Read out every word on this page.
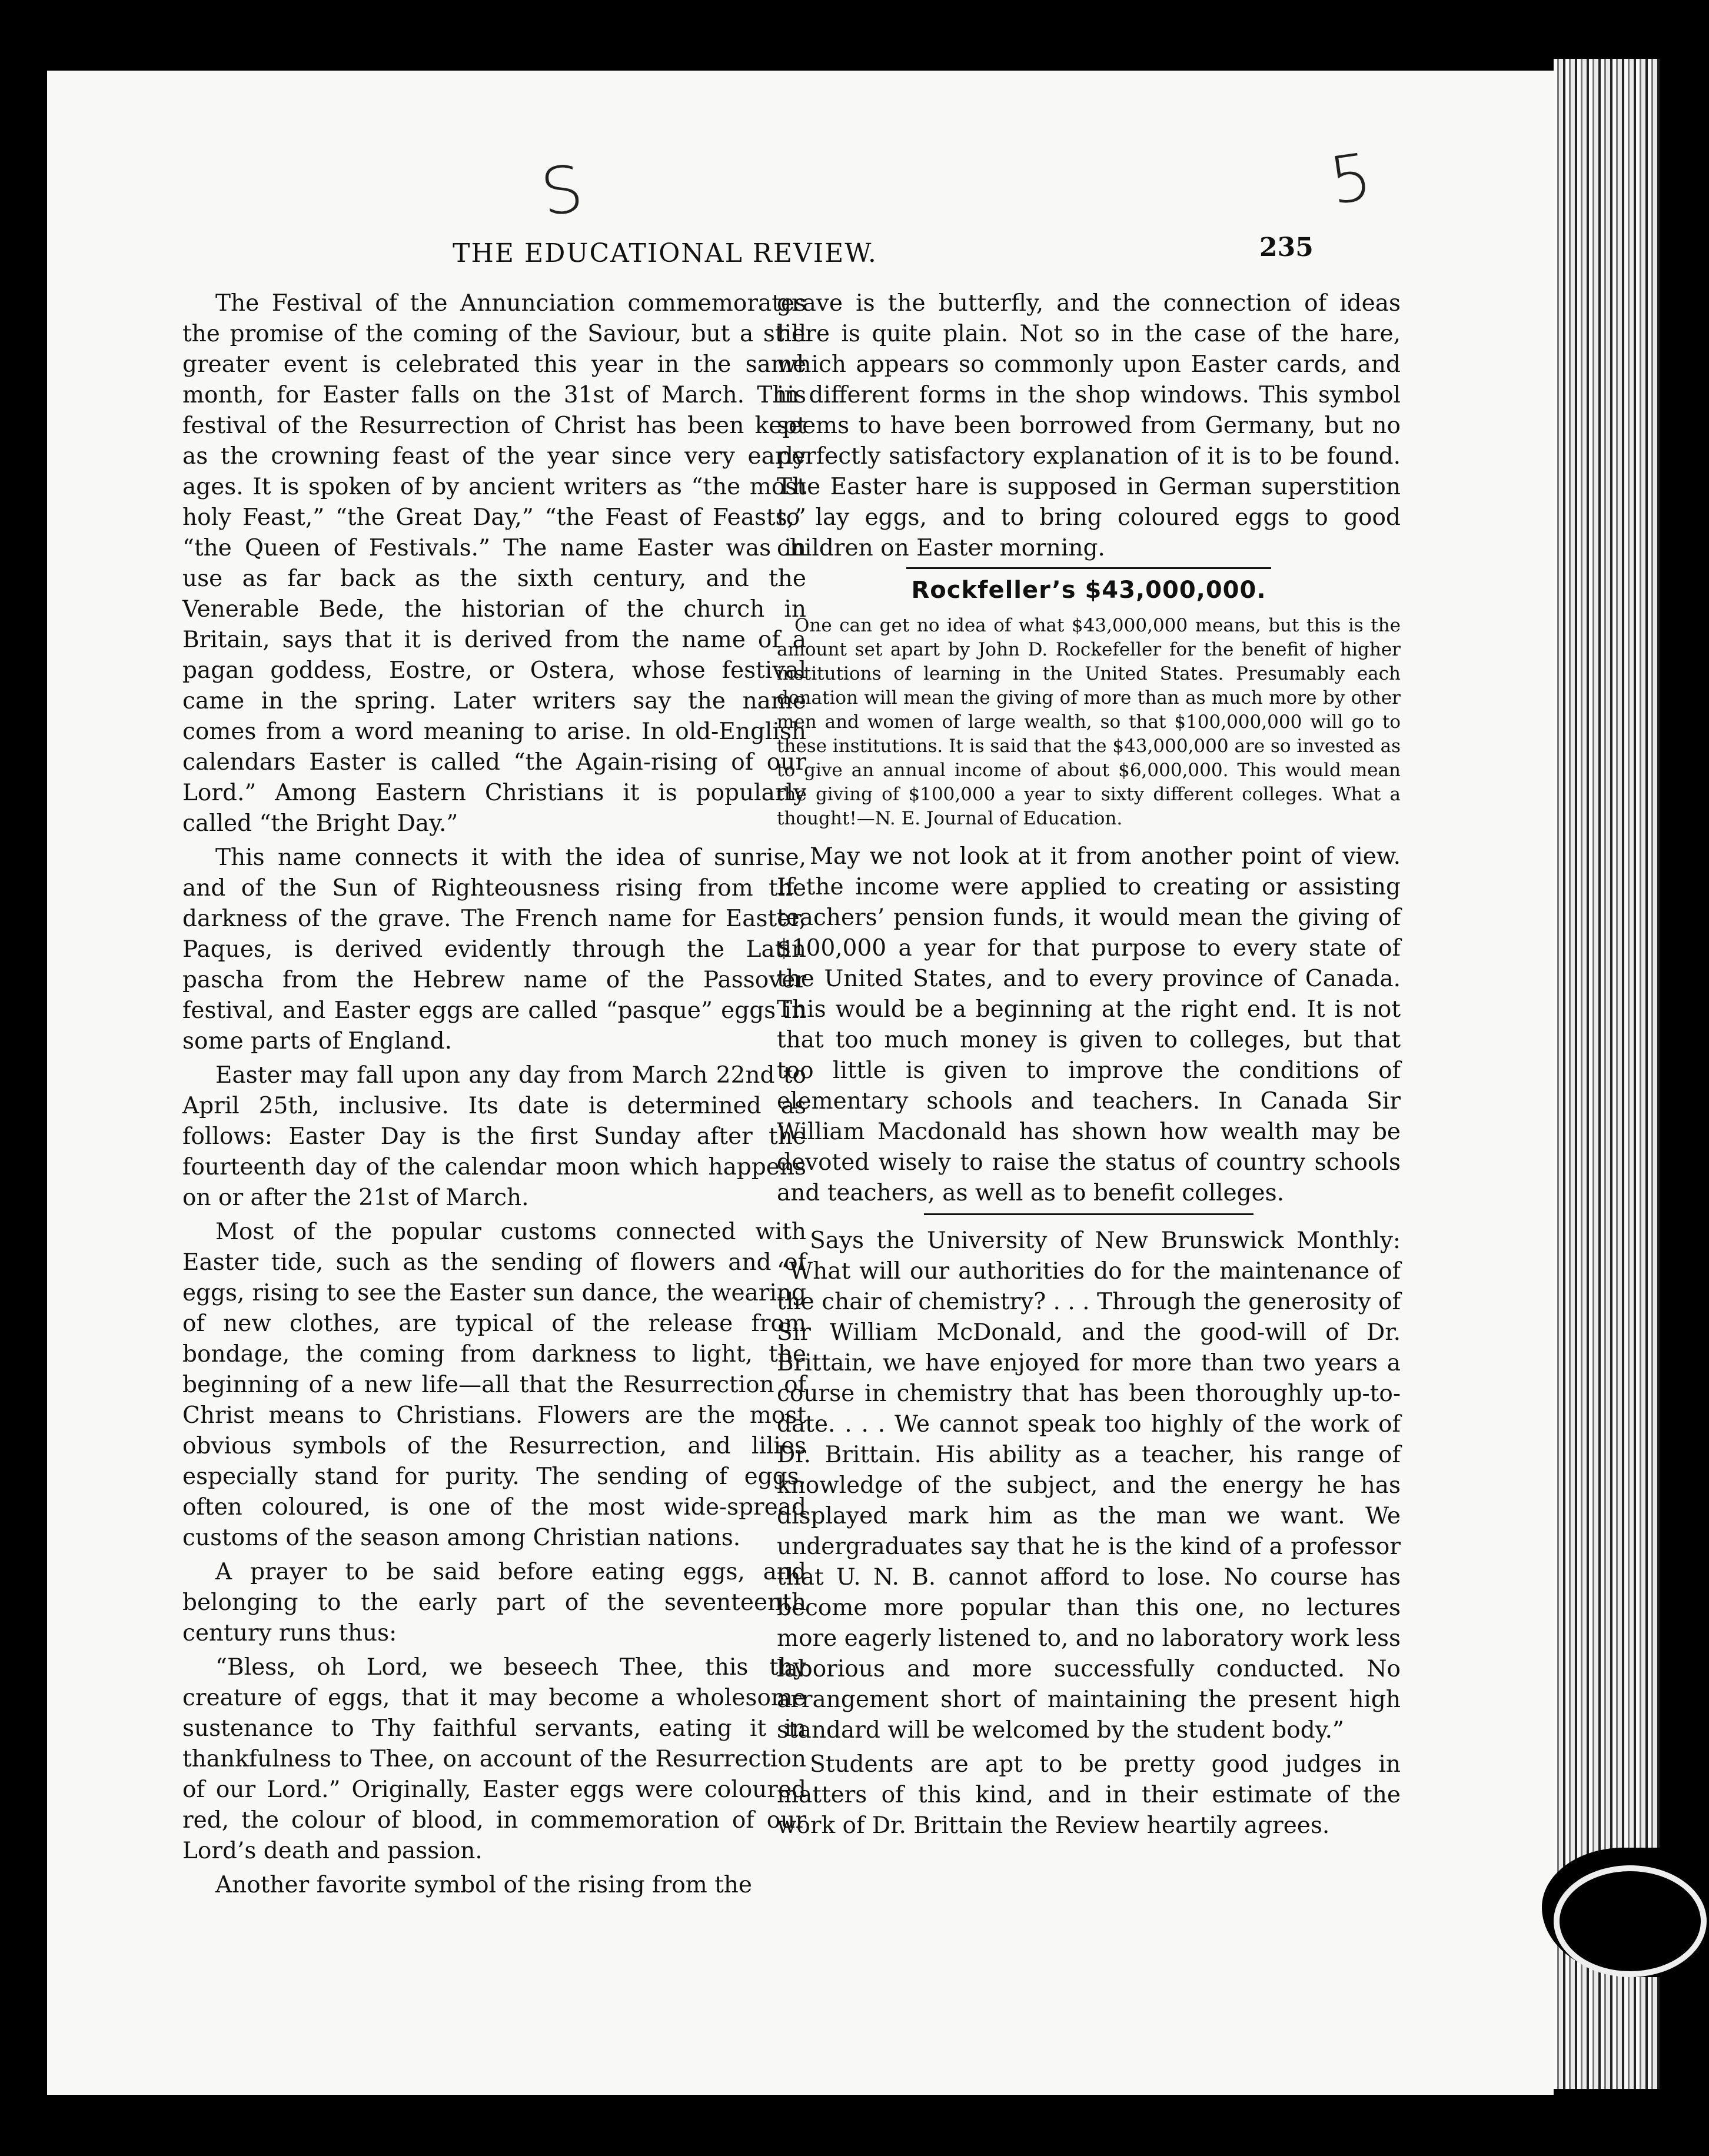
S	5
THE EDUCATIONAL REVIEW.	235

The Festival of the Annunciation commemorates the promise of the coming of the Saviour, but a still greater event is celebrated this year in the same month, for Easter falls on the 31st of March. This festival of the Resurrection of Christ has been kept as the crowning feast of the year since very early ages. It is spoken of by ancient writers as “the most holy Feast,” “the Great Day,” “the Feast of Feasts,” “the Queen of Festivals.” The name Easter was in use as far back as the sixth century, and the Venerable Bede, the historian of the church in Britain, says that it is derived from the name of a pagan goddess, Eostre, or Ostera, whose festival came in the spring. Later writers say the name comes from a word meaning to arise. In old-English calendars Easter is called “the Again-rising of our Lord.” Among Eastern Christians it is popularly called “the Bright Day.”

This name connects it with the idea of sunrise, and of the Sun of Righteousness rising from the darkness of the grave. The French name for Easter, Paques, is derived evidently through the Latin pascha from the Hebrew name of the Passover festival, and Easter eggs are called “pasque” eggs in some parts of England.

Easter may fall upon any day from March 22nd to April 25th, inclusive. Its date is determined as follows: Easter Day is the first Sunday after the fourteenth day of the calendar moon which happens on or after the 21st of March.

Most of the popular customs connected with Easter tide, such as the sending of flowers and of eggs, rising to see the Easter sun dance, the wearing of new clothes, are typical of the release from bondage, the coming from darkness to light, the beginning of a new life—all that the Resurrection of Christ means to Christians. Flowers are the most obvious symbols of the Resurrection, and lilies especially stand for purity. The sending of eggs, often coloured, is one of the most wide-spread customs of the season among Christian nations.

A prayer to be said before eating eggs, and belonging to the early part of the seventeenth century runs thus:

“Bless, oh Lord, we beseech Thee, this thy creature of eggs, that it may become a wholesome sustenance to Thy faithful servants, eating it in thankfulness to Thee, on account of the Resurrection of our Lord.” Originally, Easter eggs were coloured red, the colour of blood, in commemoration of our Lord’s death and passion.

Another favorite symbol of the rising from the

grave is the butterfly, and the connection of ideas here is quite plain. Not so in the case of the hare, which appears so commonly upon Easter cards, and in different forms in the shop windows. This symbol seems to have been borrowed from Germany, but no perfectly satisfactory explanation of it is to be found. The Easter hare is supposed in German superstition to lay eggs, and to bring coloured eggs to good children on Easter morning.

Rockfeller’s $43,000,000.

One can get no idea of what $43,000,000 means, but this is the amount set apart by John D. Rockefeller for the benefit of higher institutions of learning in the United States. Presumably each donation will mean the giving of more than as much more by other men and women of large wealth, so that $100,000,000 will go to these institutions. It is said that the $43,000,000 are so invested as to give an annual income of about $6,000,000. This would mean the giving of $100,000 a year to sixty different colleges. What a thought!—N. E. Journal of Education.

May we not look at it from another point of view. If the income were applied to creating or assisting teachers’ pension funds, it would mean the giving of $100,000 a year for that purpose to every state of the United States, and to every province of Canada. This would be a beginning at the right end. It is not that too much money is given to colleges, but that too little is given to improve the conditions of elementary schools and teachers. In Canada Sir William Macdonald has shown how wealth may be devoted wisely to raise the status of country schools and teachers, as well as to benefit colleges.

Says the University of New Brunswick Monthly: “What will our authorities do for the maintenance of the chair of chemistry? . . . Through the generosity of Sir William McDonald, and the good-will of Dr. Brittain, we have enjoyed for more than two years a course in chemistry that has been thoroughly up-to-date. . . . We cannot speak too highly of the work of Dr. Brittain. His ability as a teacher, his range of knowledge of the subject, and the energy he has displayed mark him as the man we want. We undergraduates say that he is the kind of a professor that U. N. B. cannot afford to lose. No course has become more popular than this one, no lectures more eagerly listened to, and no laboratory work less laborious and more successfully conducted. No arrangement short of maintaining the present high standard will be welcomed by the student body.”

Students are apt to be pretty good judges in matters of this kind, and in their estimate of the work of Dr. Brittain the Review heartily agrees.
